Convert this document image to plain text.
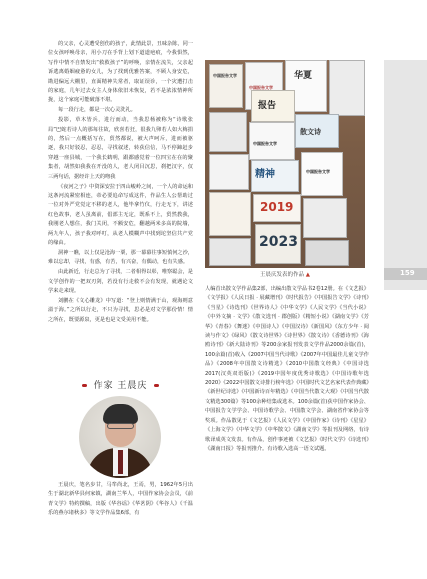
的父亲，心灵遭受创伤的孩子，此情此景，丑味杂陈，同一位女孩呼唤母亲，用小刀在手背上划下道道疤痕，今我惧然，写作中情不自禁发出“救救孩子”的呼唤，亲情在流失，父亲起诉逃离婚姻疲惫的女儿，为了找到优雅答案，不顾人身安危，勘进偏远大棚里，直面精神失常者，取证误诊，一个灾遭打击的家庭，几年过去女主人身体依旧未恢复，若不是浓浓情神所拢，这个家庭可能破落不堪。

每一段行走，都是一次心灵洗礼。

投影，草木皆兵，进行而动，当我思杨被称为“诗歌张局”巴蛇若诗人的那每往故，欣喜若狂，很我九卵若人如大梅捐的，然后一点概括写在，贸然都说，被大声呵斥，进而被驱逐，我只好驳忍，忍忍，寻找叙述，转获信信，马不停蹄赶步穿越一座县城，一个我长鹤明，跟都感觉着一位四宝在在的聚集者，胡然如我我在开没的人，老人闭目沉思，刹把汉字，仅三两句话，据经许上天的吻我

《夜河之子》中资深安拉于四山峻岭之间，一个人的命运和这条河流紧密相连，帝必要追命写成这件，作品生人公帮助过一位对外严党觉定不移的老人，他毕拿竹仪，行走无下，讲述红色故事，老人虽离前，倡部主无定，既系不上，贸然教我，我刚老人想住，我门关闭，不额安危，翻越两米多高的院墙，两九年人，孩子我对呼叮，从老人模糊声中找到坨坚信共产党的缘由。

洞神一瞧，以上仅是沧海一粟，那一幕幕往事短慎何之沙，难以忘却，寻找，有惑，有苦，有兴奋，有偶动，也有失感。

由此新近，行走总为了寻找，二者相得以彰，唯察聪会，是文学创作的一把双刃剑，若没有行走救不会有发现，就遇论文学来走来现。

刘鹏在《文心雕龙》中写道：“登上则情满于山，观海则意溢于海。”之所以行走，不只为寻找，思必是对文学那份情！情之所在，既要源泉，更是也是文受美用不能。

中国报告文学
中国报告文学
华夏
报告
散文诗
中国报告文学
精神	中国报告文学
2019
2023
王晨庆发表的作品 ▲	159
作家 王晨庆

王晨庆，笔名步甘，马牟尚北，王焉，男，1962年5月出生于湖北新华县何家镇，湖南兰华人，中国作家协会会员，《前青文学》特约撰稿，出版《华谷谣》《华茗阴》《华谷人》《千温乐的燕尔诸秋多》等文学作品集6部，有

人编首出散文学作品集2部，出编出散文学品书2卷12册。在《文艺报》《文学报》《人民日报 · 展藏增刊》《时代报告》《中国报告文学》《诗刊》《当星》《诗选刊》《世界诗人》《中华文学》《人民文学》《当代小说》《中外文摘 · 文学》《散文选刊 · 郡创版》《精短小说》《湖南文学》《芳华》《青春》《舞迷》《中国诗人》《中国汉诗》《新国风》《东方少年 · 阅读与作文》《绿风》《散文诗世界》《诗世界》《散文诗》《香德诗刊》《海鸥诗刊》《新大陆诗刊》等200余家报刊发表文学作品2000余篇(首)，100余篇(首)收入《2007中国当代诗歌》《2007年中国最佳儿童文学作品》《2008年中国散文诗精选》《2010中国散文经典》《中国诗选2017(汉英双语版)》《2019中国年度优秀诗歌选》《中国诗歌年选2020》《2022中国散文诗排行榜年选》《中国时代文艺名家代表作典藏》《新世纪诗选》《中国新诗百年精选》《中国当代散文大观》《中国当代散文精选300篇》等100余种结集或选本。100余篇(首)获中国作家协会、中国报告文学学会、中国诗歌学会、中国散文学会、湖南省作家协会等奖项。作品散见于《文艺报》《人民文学》《中国作家》《诗刊》《星星》《上海文学》《中华文学》《中华散文》《湖南文学》等报刊及网络，有诗歌译成英文发表。有作品，创作事迹被《文艺报》《时代文学》《诗选刊》《湖南日报》等报刊推介。有诗歌入选高一语文试题。
